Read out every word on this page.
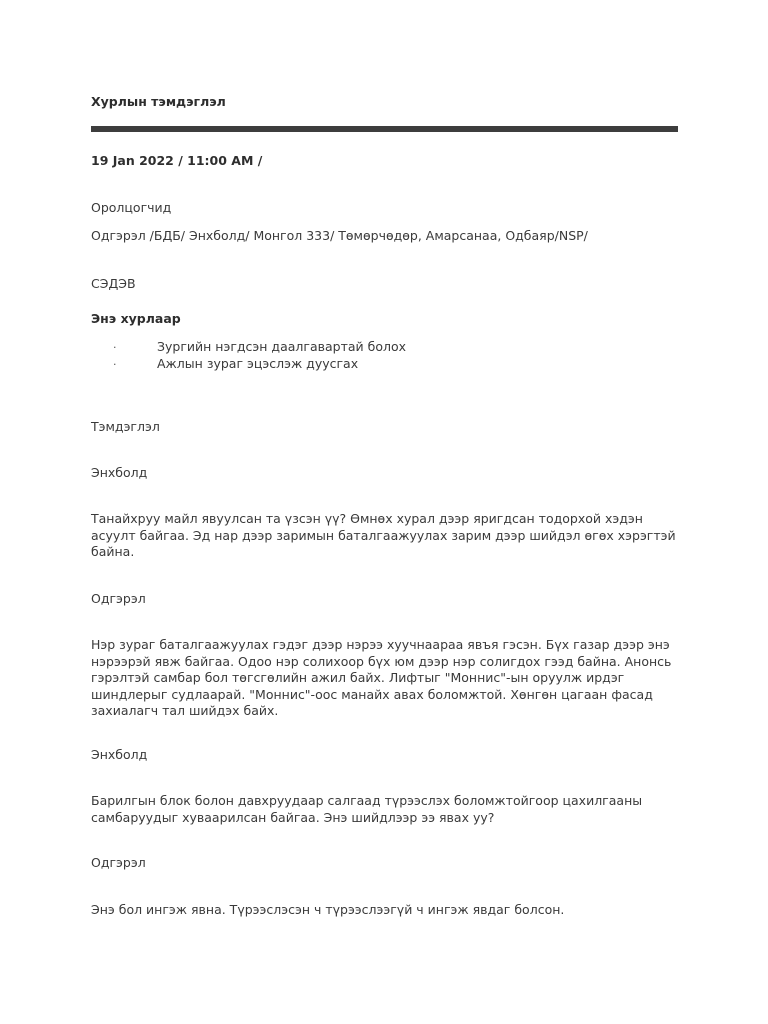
Хурлын тэмдэглэл
19 Jan 2022 / 11:00 AM /
Оролцогчид
Одгэрэл /БДБ/ Энхболд/ Монгол 333/ Төмөрчөдөр, Амарсанаа, Одбаяр/NSP/
СЭДЭВ
Энэ хурлаар
·	Зургийн нэгдсэн даалгавартай болох
·	Ажлын зураг эцэслэж дуусгах
Тэмдэглэл
Энхболд
Танайхруу майл явуулсан та үзсэн үү? Өмнөх хурал дээр яригдсан тодорхой хэдэн асуулт байгаа. Эд нар дээр заримын баталгаажуулах зарим дээр шийдэл өгөх хэрэгтэй байна.
Одгэрэл
Нэр зураг баталгаажуулах гэдэг дээр нэрээ хуучнаараа явъя гэсэн. Бүх газар дээр энэ нэрээрэй явж байгаа. Одоо нэр солихоор бүх юм дээр нэр солигдох гээд байна. Анонсь гэрэлтэй самбар бол төгсгөлийн ажил байх. Лифтыг "Моннис"-ын оруулж ирдэг шиндлерыг судлаарай. "Моннис"-оос манайх авах боломжтой. Хөнгөн цагаан фасад захиалагч тал шийдэх байх.
Энхболд
Барилгын блок болон давхруудаар салгаад түрээслэх боломжтойгоор цахилгааны самбаруудыг хуваарилсан байгаа. Энэ шийдлээр ээ явах уу?
Одгэрэл
Энэ бол ингэж явна. Түрээслэсэн ч түрээслээгүй ч ингэж явдаг болсон.
